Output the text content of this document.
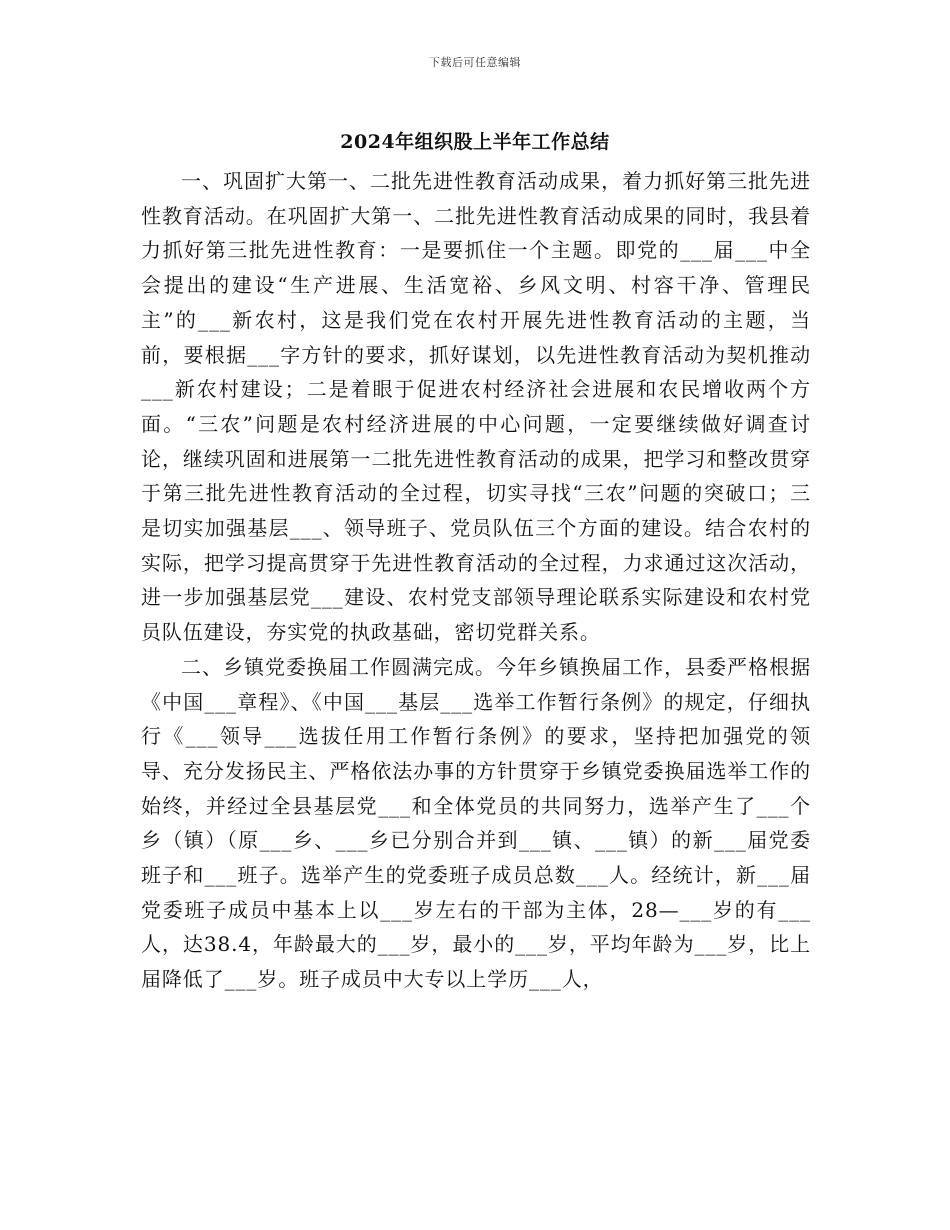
下载后可任意编辑
2024年组织股上半年工作总结

一、巩固扩大第一、二批先进性教育活动成果，着力抓好第三批先进性教育活动。在巩固扩大第一、二批先进性教育活动成果的同时，我县着力抓好第三批先进性教育：一是要抓住一个主题。即党的___届___中全会提出的建设“生产进展、生活宽裕、乡风文明、村容干净、管理民主”的___新农村，这是我们党在农村开展先进性教育活动的主题，当前，要根据___字方针的要求，抓好谋划，以先进性教育活动为契机推动___新农村建设；二是着眼于促进农村经济社会进展和农民增收两个方面。“三农”问题是农村经济进展的中心问题，一定要继续做好调查讨论，继续巩固和进展第一二批先进性教育活动的成果，把学习和整改贯穿于第三批先进性教育活动的全过程，切实寻找“三农”问题的突破口；三是切实加强基层___、领导班子、党员队伍三个方面的建设。结合农村的实际，把学习提高贯穿于先进性教育活动的全过程，力求通过这次活动，进一步加强基层党___建设、农村党支部领导理论联系实际建设和农村党员队伍建设，夯实党的执政基础，密切党群关系。

二、乡镇党委换届工作圆满完成。今年乡镇换届工作，县委严格根据《中国___章程》、《中国___基层___选举工作暂行条例》的规定，仔细执行《___领导___选拔任用工作暂行条例》的要求，坚持把加强党的领导、充分发扬民主、严格依法办事的方针贯穿于乡镇党委换届选举工作的始终，并经过全县基层党___和全体党员的共同努力，选举产生了___个乡（镇）（原___乡、___乡已分别合并到___镇、___镇）的新___届党委班子和___班子。选举产生的党委班子成员总数___人。经统计，新___届党委班子成员中基本上以___岁左右的干部为主体，28—___岁的有___人，达38.4，年龄最大的___岁，最小的___岁，平均年龄为___岁，比上届降低了___岁。班子成员中大专以上学历___人，
